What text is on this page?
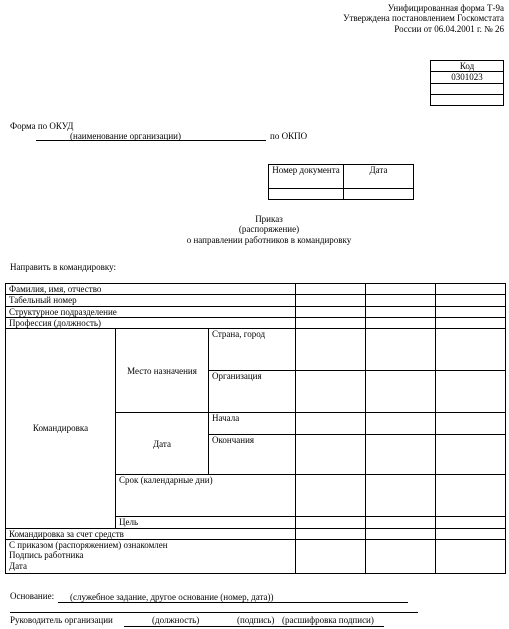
Унифицированная форма Т-9а
Утверждена постановлением Госкомстата
России от 06.04.2001 г. № 26
Код
0301023

Форма по ОКУД
(наименование организации)	по ОКПО
Номер документа	Дата

Приказ
(распоряжение)
о направлении работников в командировку
Направить в командировку:
Фамилия, имя, отчество					
Табельный номер					
Структурное подразделение					
Профессия (должность)					
Командировка	Место назначения	Страна, город			
		Организация			
	Дата	Начала			
		Окончания			
	Срок (календарные дни)				
	Цель				
Командировка за счет средств					

С приказом (распоряжением) ознакомлен
Подпись работника
Дата					

Основание: (служебное задание, другое основание (номер, дата))
Руководитель организации	(должность)	(подпись) (расшифровка подписи)
